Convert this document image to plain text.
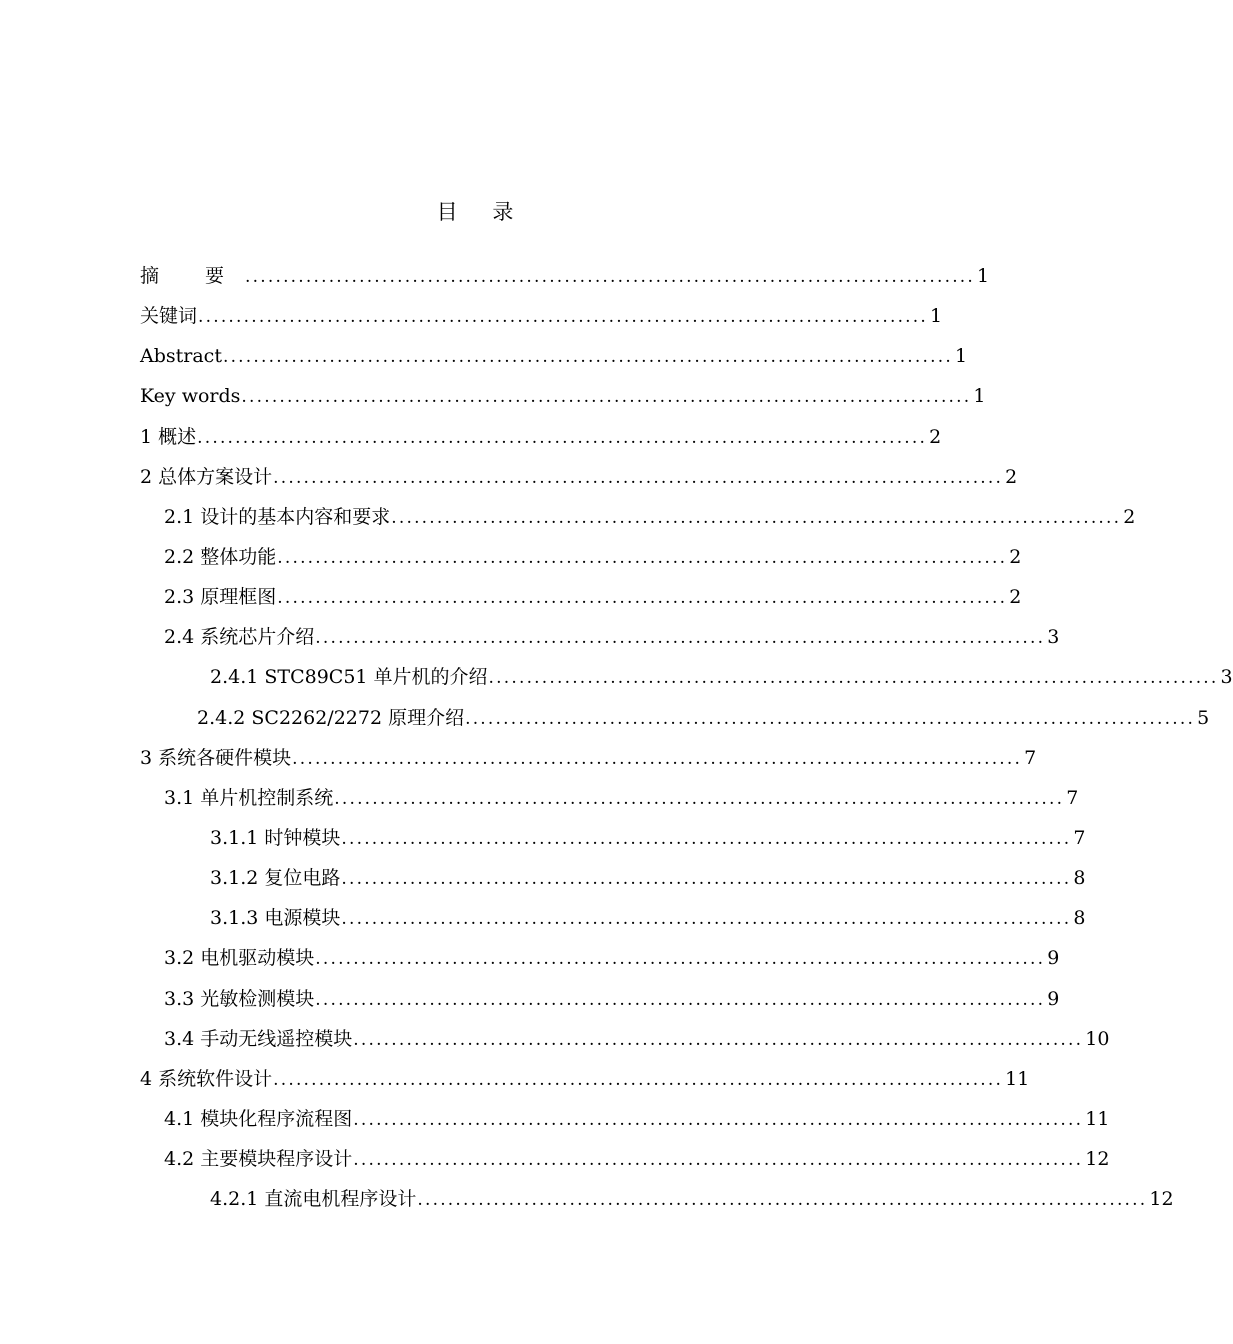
目 录
摘 要 ................................................................................................ 1
关键词 ................................................................................................ 1
Abstract ................................................................................................ 1
Key words ................................................................................................ 1
1 概述 ................................................................................................ 2
2 总体方案设计 ................................................................................................ 2
2.1 设计的基本内容和要求 ................................................................................................ 2
2.2 整体功能 ................................................................................................ 2
2.3 原理框图 ................................................................................................ 2
2.4 系统芯片介绍 ................................................................................................ 3
2.4.1 STC89C51 单片机的介绍 ................................................................................................ 3
2.4.2 SC2262/2272 原理介绍 ................................................................................................ 5
3 系统各硬件模块 ................................................................................................ 7
3.1 单片机控制系统 ................................................................................................ 7
3.1.1 时钟模块 ................................................................................................ 7
3.1.2 复位电路 ................................................................................................ 8
3.1.3 电源模块 ................................................................................................ 8
3.2 电机驱动模块 ................................................................................................ 9
3.3 光敏检测模块 ................................................................................................ 9
3.4 手动无线遥控模块 ................................................................................................ 10
4 系统软件设计 ................................................................................................ 11
4.1 模块化程序流程图 ................................................................................................ 11
4.2 主要模块程序设计 ................................................................................................ 12
4.2.1 直流电机程序设计 ................................................................................................ 12
